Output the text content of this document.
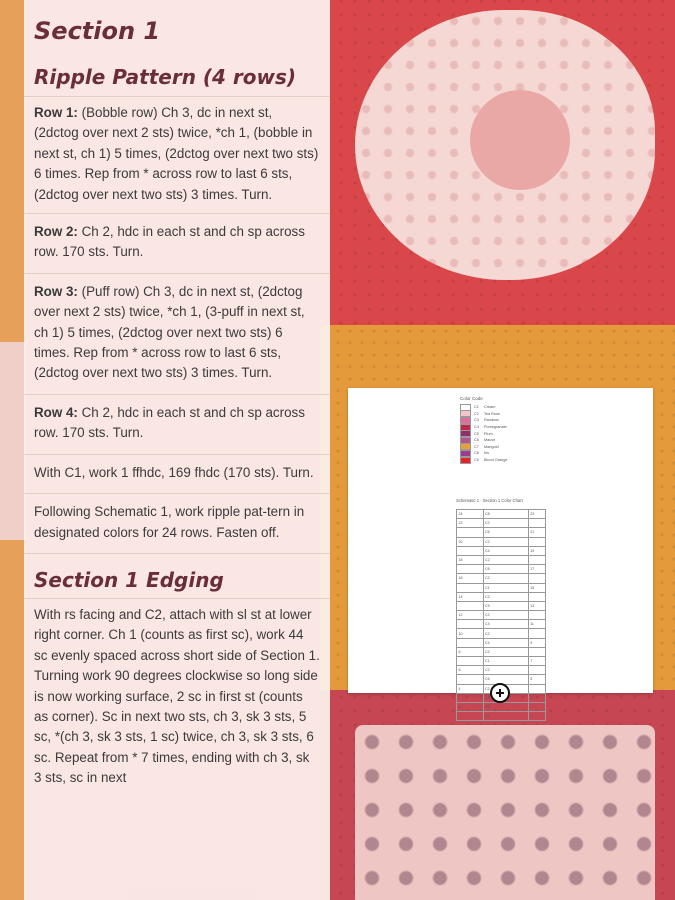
Section 1
Ripple Pattern (4 rows)
Row 1: (Bobble row) Ch 3, dc in next st, (2dctog over next 2 sts) twice, *ch 1, (bobble in next st, ch 1) 5 times, (2dctog over next two sts) 6 times. Rep from * across row to last 6 sts, (2dctog over next two sts) 3 times. Turn.
Row 2: Ch 2, hdc in each st and ch sp across row. 170 sts. Turn.
Row 3: (Puff row) Ch 3, dc in next st, (2dctog over next 2 sts) twice, *ch 1, (3-puff in next st, ch 1) 5 times, (2dctog over next two sts) 6 times. Rep from * across row to last 6 sts, (2dctog over next two sts) 3 times. Turn.
Row 4: Ch 2, hdc in each st and ch sp across row. 170 sts. Turn.
With C1, work 1 ffhdc, 169 fhdc (170 sts). Turn.
Following Schematic 1, work ripple pat-tern in designated colors for 24 rows. Fasten off.
Section 1 Edging
With rs facing and C2, attach with sl st at lower right corner. Ch 1 (counts as first sc), work 44 sc evenly spaced across short side of Section 1. Turning work 90 degrees clockwise so long side is now working surface, 2 sc in first st (counts as corner). Sc in next two sts, ch 3, sk 3 sts, 5 sc, *(ch 3, sk 3 sts, 1 sc) twice, ch 3, sk 3 sts, 6 sc. Repeat from * 7 times, ending with ch 3, sk 3 sts, sc in next
Color Code
C1	Cream
C2	Tea Rose
C3	Rainbow
C4	Pomegranate
C5	Plum
C6	Mauve
C7	Marigold
C8	Iris
C9	Blood Orange
Schematic 1 - Section 1 Color Chart
24	C8	23
22	C2	
	C6	21
20	C2	
	C4	19
18	C2	
	C6	17
16	C2	
	C1	15
14	C2	
	C5	13
12	C2	
	C4	11
10	C2	
	C4	9
8	C2	
	C1	7
6	C2	
	C6	5
4	C2	
	C8	3
2	C2	
	C1	1
